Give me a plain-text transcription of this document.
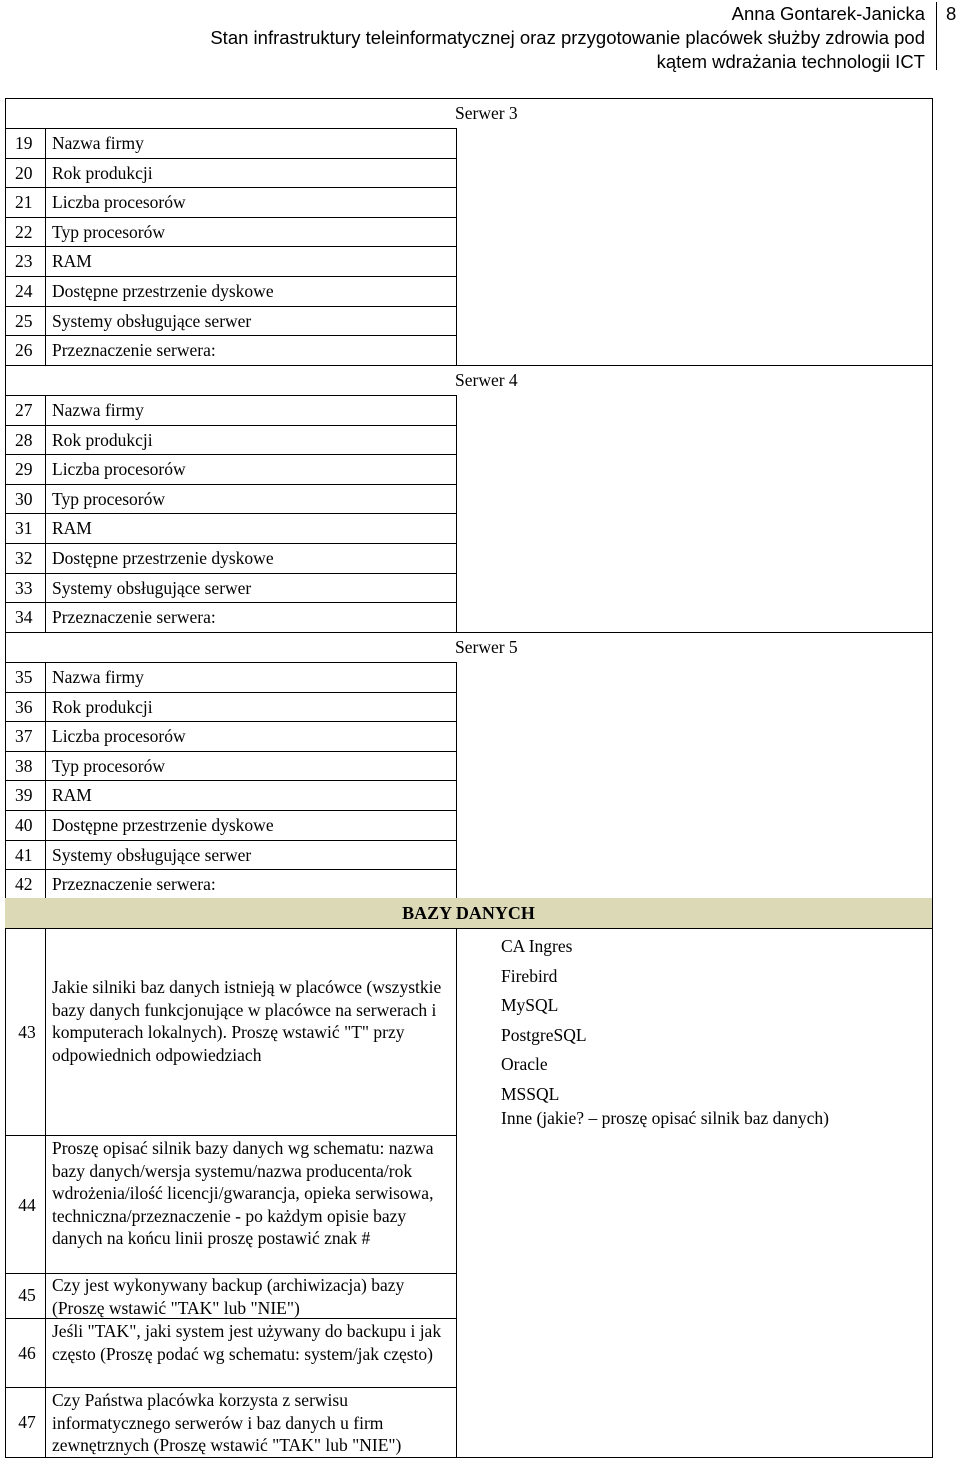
Anna Gontarek-Janicka
Stan infrastruktury teleinformatycznej oraz przygotowanie placówek służby zdrowia pod
kątem wdrażania technologii ICT
8
BAZY DANYCH
Serwer 3
19 Nazwa firmy
20 Rok produkcji
21 Liczba procesorów
22 Typ procesorów
23 RAM
24 Dostępne przestrzenie dyskowe
25 Systemy obsługujące serwer
26 Przeznaczenie serwera:
Serwer 4
27 Nazwa firmy
28 Rok produkcji
29 Liczba procesorów
30 Typ procesorów
31 RAM
32 Dostępne przestrzenie dyskowe
33 Systemy obsługujące serwer
34 Przeznaczenie serwera:
Serwer 5
35 Nazwa firmy
36 Rok produkcji
37 Liczba procesorów
38 Typ procesorów
39 RAM
40 Dostępne przestrzenie dyskowe
41 Systemy obsługujące serwer
42 Przeznaczenie serwera:
43
Jakie silniki baz danych istnieją w placówce (wszystkie bazy danych funkcjonujące w placówce na serwerach i komputerach lokalnych). Proszę wstawić "T" przy odpowiednich odpowiedziach
CA Ingres
Firebird
MySQL
PostgreSQL
Oracle
MSSQL
Inne (jakie? – proszę opisać silnik baz danych)
44
Proszę opisać silnik bazy danych wg schematu: nazwa bazy danych/wersja systemu/nazwa producenta/rok wdrożenia/ilość licencji/gwarancja, opieka serwisowa, techniczna/przeznaczenie - po każdym opisie bazy danych na końcu linii proszę postawić znak #
45 Czy jest wykonywany backup (archiwizacja) bazy (Proszę wstawić "TAK" lub "NIE")
46
Jeśli "TAK", jaki system jest używany do backupu i jak często (Proszę podać wg schematu: system/jak często)
47
Czy Państwa placówka korzysta z serwisu informatycznego serwerów i baz danych u firm zewnętrznych (Proszę wstawić "TAK" lub "NIE")
